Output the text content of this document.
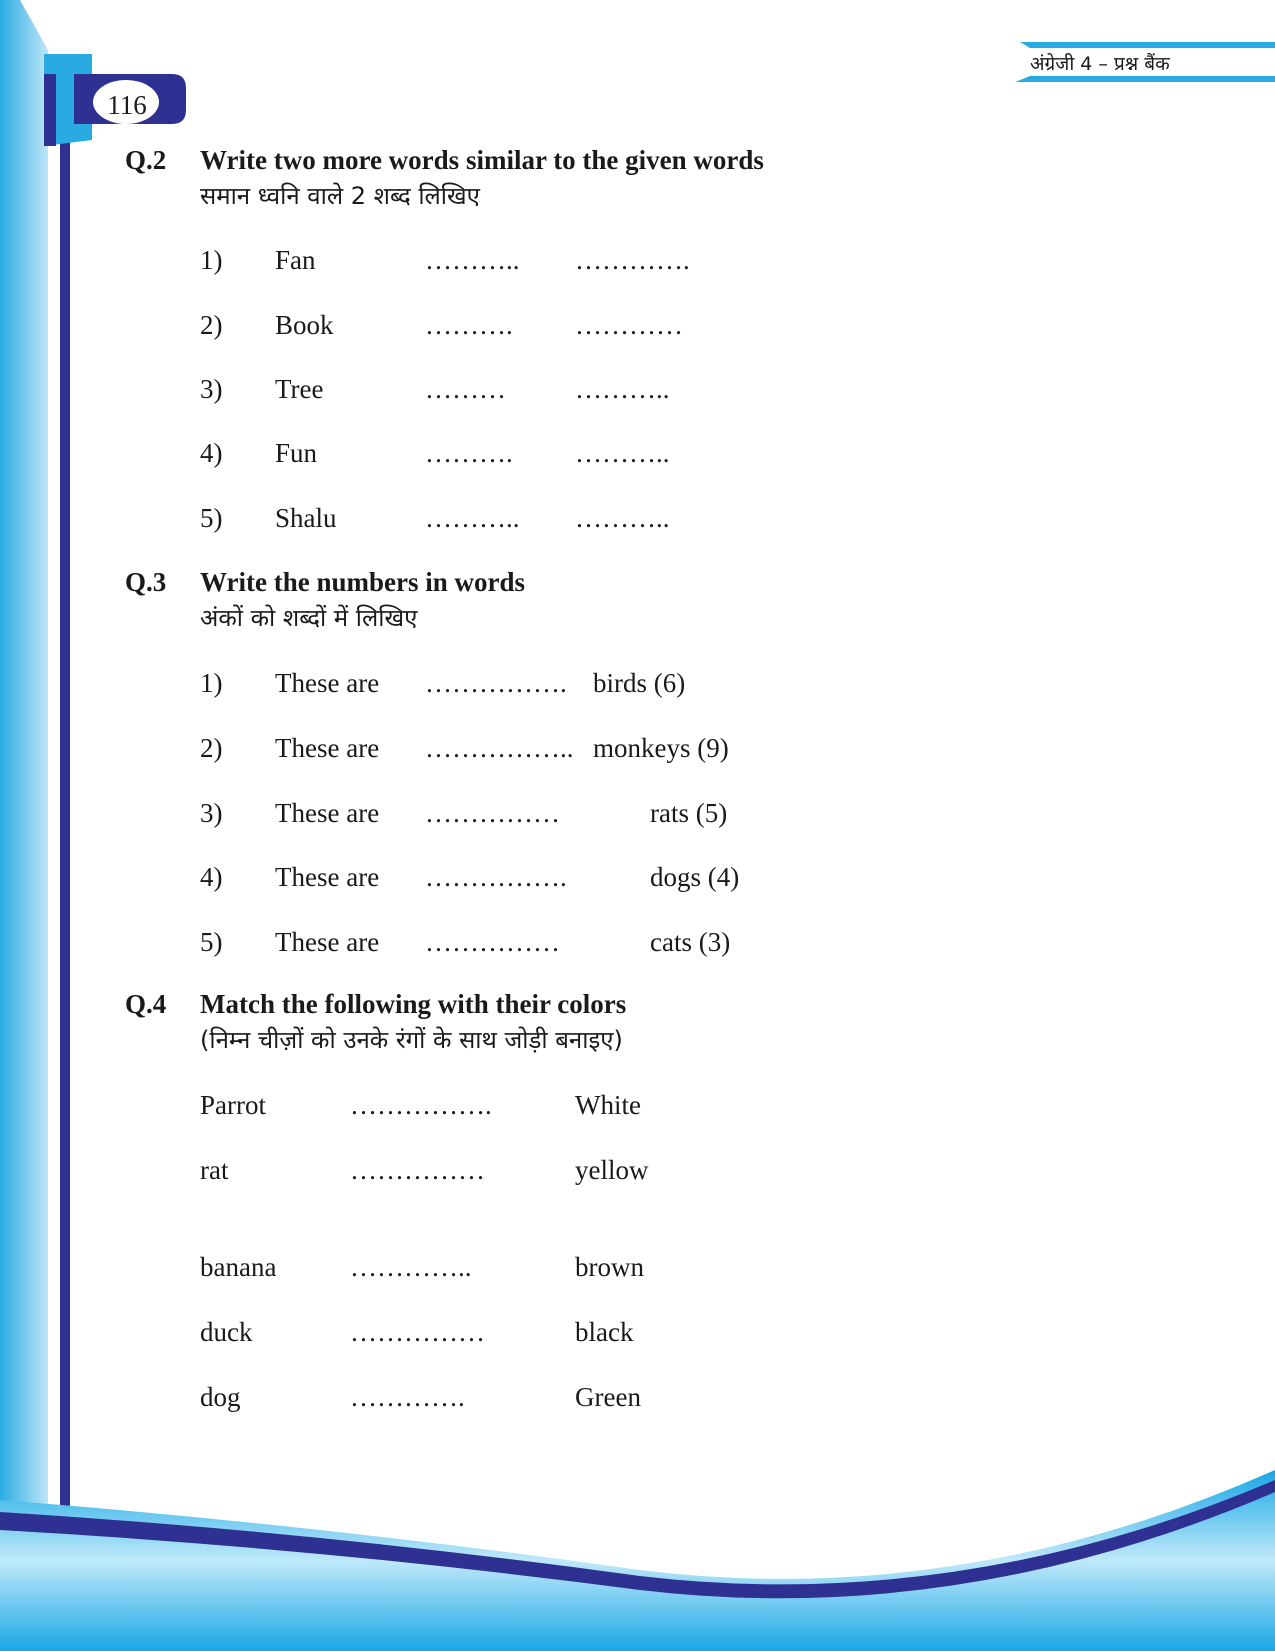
116
अंग्रेजी 4 – प्रश्न बैंक
Q.2 Write two more words similar to the given words
समान ध्वनि वाले 2 शब्द लिखिए
1) Fan	……….. ………….
2) Book	………. …………
3) Tree	………	………..
4) Fun	………. ………..
5) Shalu	……….. ………..
Q.3 Write the numbers in words
अंकों को शब्दों में लिखिए
1) These are ……………. birds (6)
2) These are …………….. monkeys (9)
3) These are ……………	rats (5)
4) These are …………….	dogs (4)
5) These are ……………	cats (3)
Q.4 Match the following with their colors
(निम्न चीज़ों को उनके रंगों के साथ जोड़ी बनाइए)
Parrot	…………….	White
rat	……………	yellow
banana	…………..	brown
duck	……………	black
dog	………….	Green
